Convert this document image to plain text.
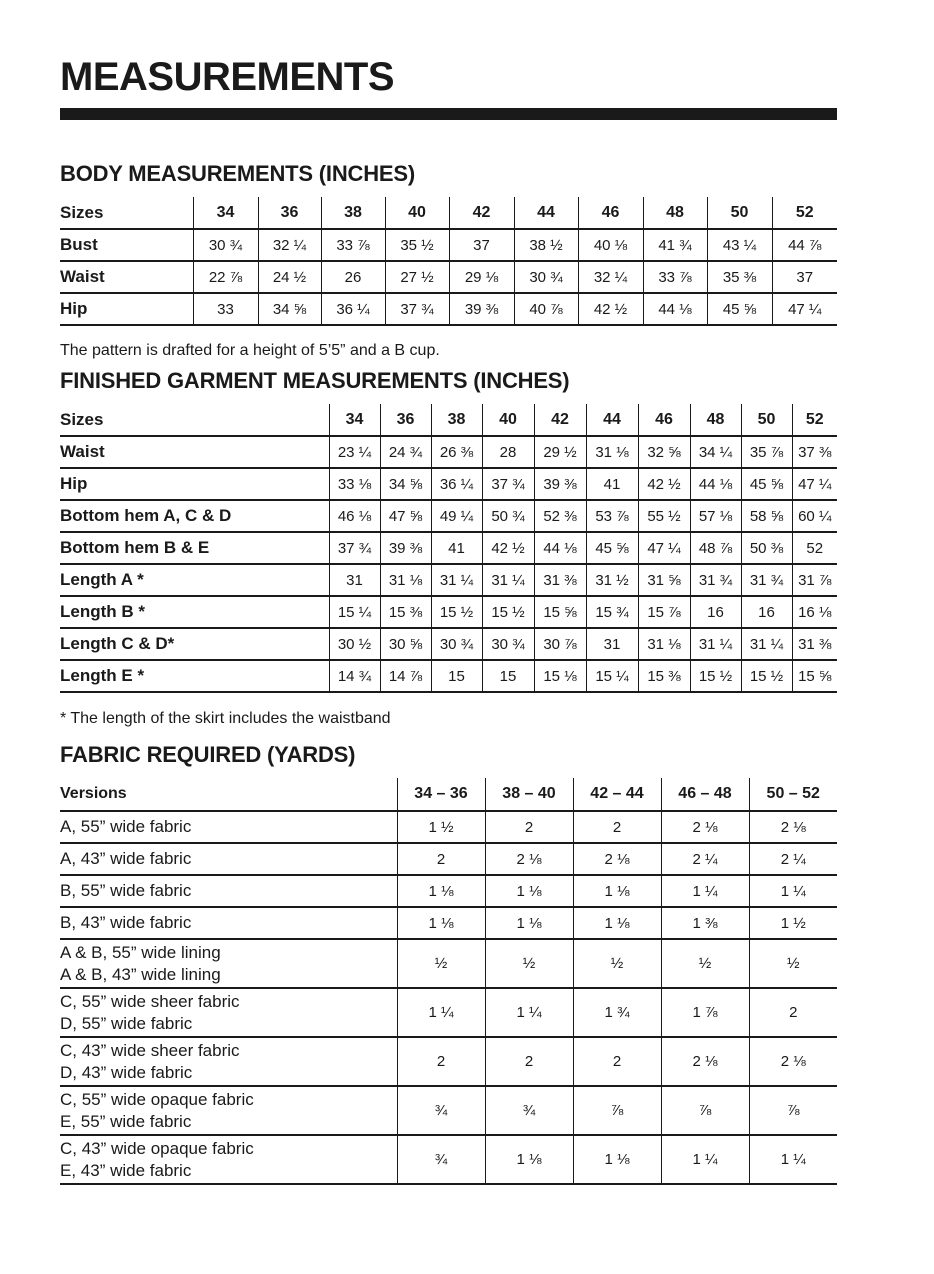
MEASUREMENTS
BODY MEASUREMENTS (INCHES)
Sizes	34	36	38	40	42	44	46	48	50	52
Bust	30 ¾	32 ¼	33 ⅞	35 ½	37	38 ½	40 ⅛	41 ¾	43 ¼	44 ⅞
Waist	22 ⅞	24 ½	26	27 ½	29 ⅛	30 ¾	32 ¼	33 ⅞	35 ⅜	37
Hip	33	34 ⅝	36 ¼	37 ¾	39 ⅜	40 ⅞	42 ½	44 ⅛	45 ⅝	47 ¼

The pattern is drafted for a height of 5’5” and a B cup.

FINISHED GARMENT MEASUREMENTS (INCHES)
Sizes	34	36	38	40	42	44	46	48	50	52
Waist	23 ¼	24 ¾	26 ⅜	28	29 ½	31 ⅛	32 ⅝	34 ¼	35 ⅞	37 ⅜
Hip	33 ⅛	34 ⅝	36 ¼	37 ¾	39 ⅜	41	42 ½	44 ⅛	45 ⅝	47 ¼
Bottom hem A, C & D	46 ⅛	47 ⅝	49 ¼	50 ¾	52 ⅜	53 ⅞	55 ½	57 ⅛	58 ⅝	60 ¼
Bottom hem B & E	37 ¾	39 ⅜	41	42 ½	44 ⅛	45 ⅝	47 ¼	48 ⅞	50 ⅜	52
Length A *	31	31 ⅛	31 ¼	31 ¼	31 ⅜	31 ½	31 ⅝	31 ¾	31 ¾	31 ⅞
Length B *	15 ¼	15 ⅜	15 ½	15 ½	15 ⅝	15 ¾	15 ⅞	16	16	16 ⅛
Length C & D*	30 ½	30 ⅝	30 ¾	30 ¾	30 ⅞	31	31 ⅛	31 ¼	31 ¼	31 ⅜
Length E *	14 ¾	14 ⅞	15	15	15 ⅛	15 ¼	15 ⅜	15 ½	15 ½	15 ⅝

* The length of the skirt includes the waistband

FABRIC REQUIRED (YARDS)
Versions	34 – 36	38 – 40	42 – 44	46 – 48	50 – 52

A, 55” wide fabric	1 ½	2	2	2 ⅛	2 ⅛

A, 43” wide fabric	2	2 ⅛	2 ⅛	2 ¼	2 ¼

B, 55” wide fabric	1 ⅛	1 ⅛	1 ⅛	1 ¼	1 ¼

B, 43” wide fabric	1 ⅛	1 ⅛	1 ⅛	1 ⅜	1 ½

A & B, 55” wide lining
A & B, 43” wide lining	½	½	½	½	½

C, 55” wide sheer fabric
D, 55” wide fabric	1 ¼	1 ¼	1 ¾	1 ⅞	2

C, 43” wide sheer fabric
D, 43” wide fabric	2	2	2	2 ⅛	2 ⅛

C, 55” wide opaque fabric
E, 55” wide fabric	¾	¾	⅞	⅞	⅞

C, 43” wide opaque fabric
E, 43” wide fabric	¾	1 ⅛	1 ⅛	1 ¼	1 ¼
